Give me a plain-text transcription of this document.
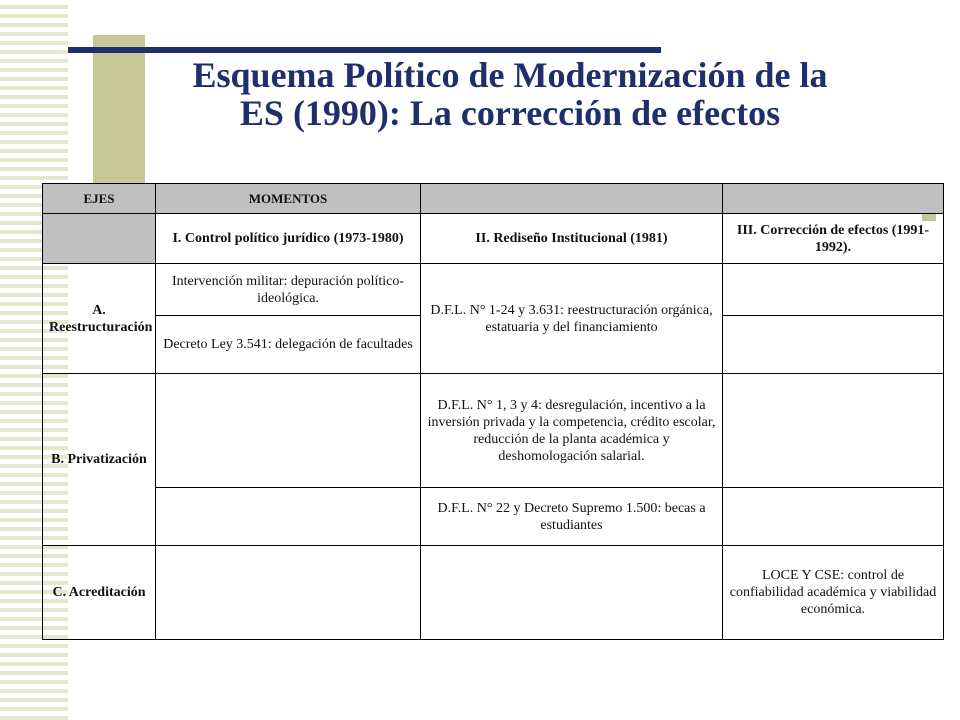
Esquema Político de Modernización de la
ES (1990): La corrección de efectos
EJES	MOMENTOS		
	I. Control político jurídico (1973-1980)	II. Rediseño Institucional (1981)	III. Corrección de efectos (1991-1992).
A. Reestructuración	Intervención militar: depuración político-ideológica.	D.F.L. N° 1-24 y 3.631: reestructuración orgánica, estatuaria y del financiamiento	
	Decreto Ley 3.541: delegación de facultades		
B. Privatización		D.F.L. N° 1, 3 y 4: desregulación, incentivo a la inversión privada y la competencia, crédito escolar, reducción de la planta académica y deshomologación salarial.	
		D.F.L. N° 22 y Decreto Supremo 1.500: becas a estudiantes	
C. Acreditación			LOCE Y CSE: control de confiabilidad académica y viabilidad económica.
